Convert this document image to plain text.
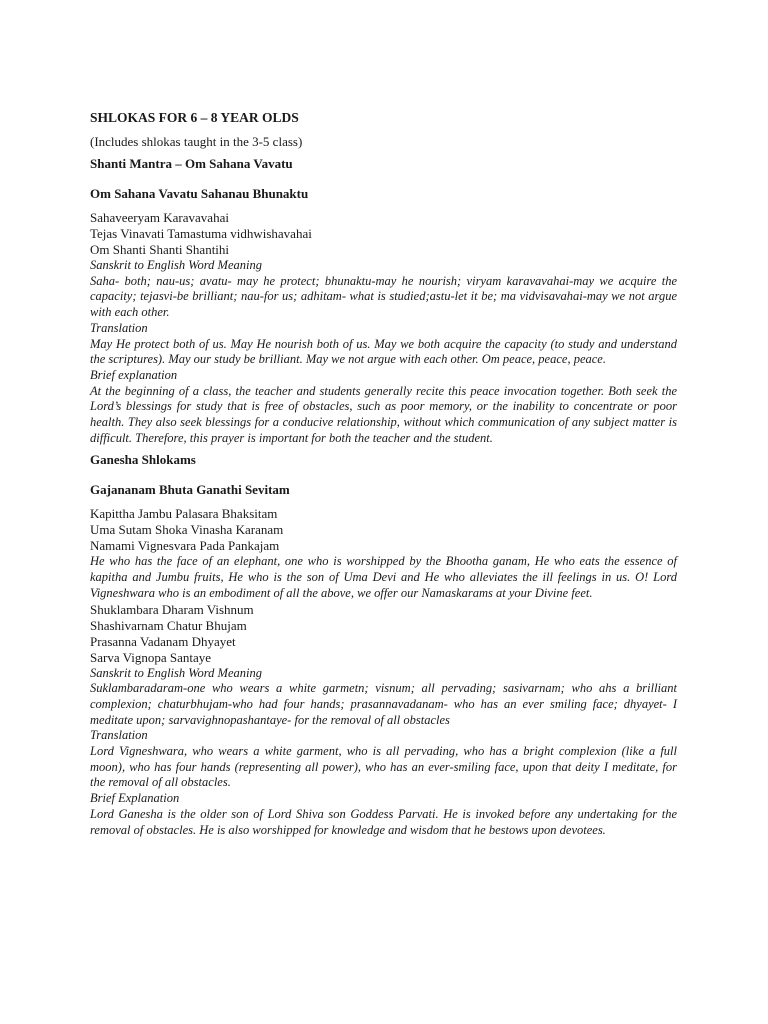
SHLOKAS FOR 6 – 8 YEAR OLDS

(Includes shlokas taught in the 3-5 class)

Shanti Mantra – Om Sahana Vavatu

Om Sahana Vavatu Sahanau Bhunaktu

Sahaveeryam Karavavahai

Tejas Vinavati Tamastuma vidhwishavahai

Om Shanti Shanti Shantihi

Sanskrit to English Word Meaning

Saha- both; nau-us; avatu- may he protect; bhunaktu-may he nourish; viryam karavavahai-may we acquire the capacity; tejasvi-be brilliant; nau-for us; adhitam- what is studied;astu-let it be; ma vidvisavahai-may we not argue with each other.

Translation

May He protect both of us. May He nourish both of us. May we both acquire the capacity (to study and understand the scriptures). May our study be brilliant. May we not argue with each other. Om peace, peace, peace.

Brief explanation

At the beginning of a class, the teacher and students generally recite this peace invocation together. Both seek the Lord’s blessings for study that is free of obstacles, such as poor memory, or the inability to concentrate or poor health. They also seek blessings for a conducive relationship, without which communication of any subject matter is difficult. Therefore, this prayer is important for both the teacher and the student.

Ganesha Shlokams

Gajananam Bhuta Ganathi Sevitam

Kapittha Jambu Palasara Bhaksitam

Uma Sutam Shoka Vinasha Karanam

Namami Vignesvara Pada Pankajam

He who has the face of an elephant, one who is worshipped by the Bhootha ganam, He who eats the essence of kapitha and Jumbu fruits, He who is the son of Uma Devi and He who alleviates the ill feelings in us. O! Lord Vigneshwara who is an embodiment of all the above, we offer our Namaskarams at your Divine feet.

Shuklambara Dharam Vishnum

Shashivarnam Chatur Bhujam

Prasanna Vadanam Dhyayet

Sarva Vignopa Santaye

Sanskrit to English Word Meaning

Suklambaradaram-one who wears a white garmetn; visnum; all pervading; sasivarnam; who ahs a brilliant complexion; chaturbhujam-who had four hands; prasannavadanam- who has an ever smiling face; dhyayet- I meditate upon; sarvavighnopashantaye- for the removal of all obstacles

Translation

Lord Vigneshwara, who wears a white garment, who is all pervading, who has a bright complexion (like a full moon), who has four hands (representing all power), who has an ever-smiling face, upon that deity I meditate, for the removal of all obstacles.

Brief Explanation

Lord Ganesha is the older son of Lord Shiva son Goddess Parvati. He is invoked before any undertaking for the removal of obstacles. He is also worshipped for knowledge and wisdom that he bestows upon devotees.
